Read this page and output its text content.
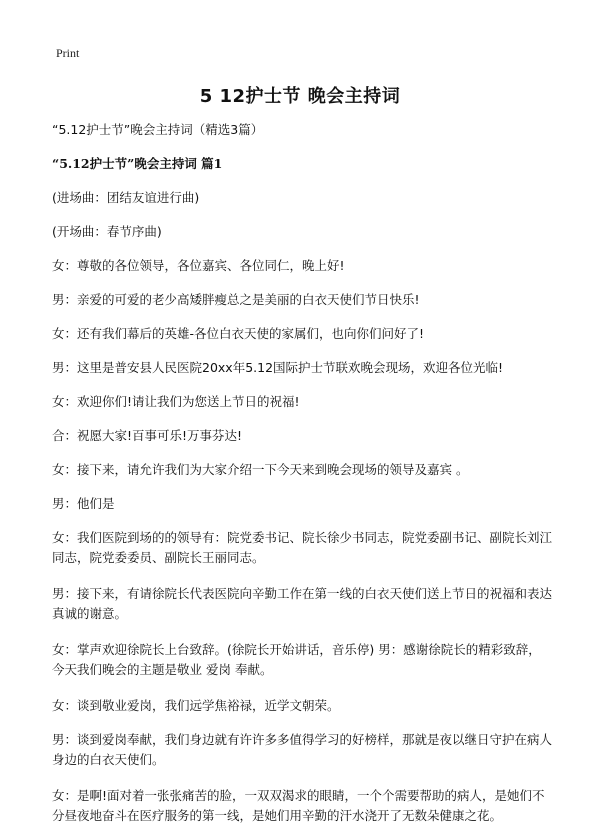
Print
5 12护士节 晚会主持词

“5.12护士节”晚会主持词（精选3篇）

“5.12护士节”晚会主持词 篇1

(进场曲：团结友谊进行曲)

(开场曲：春节序曲)

女：尊敬的各位领导，各位嘉宾、各位同仁，晚上好!

男：亲爱的可爱的老少高矮胖瘦总之是美丽的白衣天使们节日快乐!

女：还有我们幕后的英雄-各位白衣天使的家属们，也向你们问好了!

男：这里是普安县人民医院20xx年5.12国际护士节联欢晚会现场，欢迎各位光临!

女：欢迎你们!请让我们为您送上节日的祝福!

合：祝愿大家!百事可乐!万事芬达!

女：接下来，请允许我们为大家介绍一下今天来到晚会现场的领导及嘉宾 。

男：他们是

女：我们医院到场的的领导有：院党委书记、院长徐少书同志，院党委副书记、副院长刘江同志，院党委委员、副院长王丽同志。

男：接下来，有请徐院长代表医院向辛勤工作在第一线的白衣天使们送上节日的祝福和表达真诚的谢意。

女：掌声欢迎徐院长上台致辞。(徐院长开始讲话，音乐停) 男：感谢徐院长的精彩致辞，今天我们晚会的主题是敬业 爱岗 奉献。

女：谈到敬业爱岗，我们远学焦裕禄，近学文朝荣。

男：谈到爱岗奉献，我们身边就有许许多多值得学习的好榜样，那就是夜以继日守护在病人身边的白衣天使们。

女：是啊!面对着一张张痛苦的脸，一双双渴求的眼睛，一个个需要帮助的病人，是她们不分昼夜地奋斗在医疗服务的第一线，是她们用辛勤的汗水浇开了无数朵健康之花。
